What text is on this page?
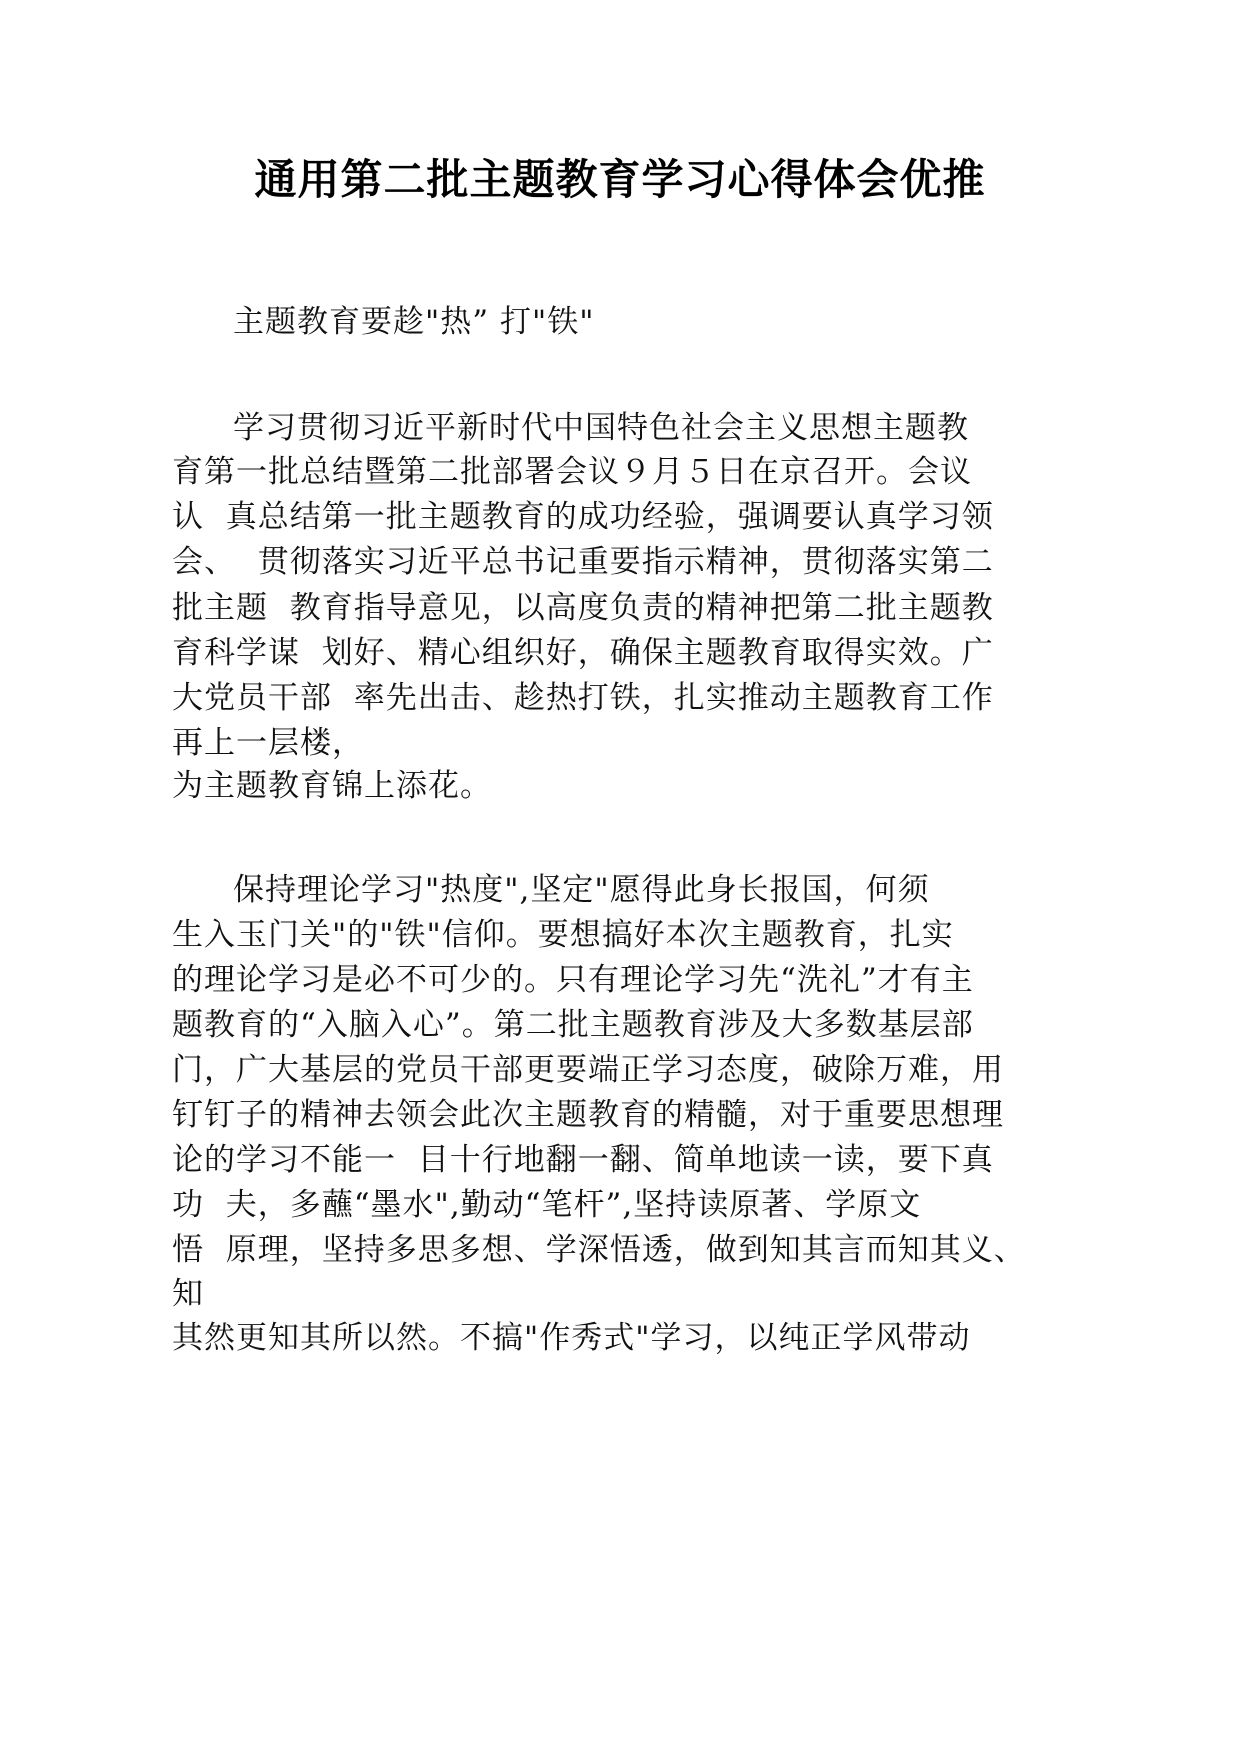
通用第二批主题教育学习心得体会优推
主题教育要趁"热” 打"铁"
学习贯彻习近平新时代中国特色社会主义思想主题教
育第一批总结暨第二批部署会议９月５日在京召开。会议
认  真总结第一批主题教育的成功经验，强调要认真学习领
会、  贯彻落实习近平总书记重要指示精神，贯彻落实第二
批主题  教育指导意见，以高度负责的精神把第二批主题教
育科学谋  划好、精心组织好，确保主题教育取得实效。广
大党员干部  率先出击、趁热打铁，扎实推动主题教育工作
再上一层楼，
为主题教育锦上添花。
保持理论学习"热度",坚定"愿得此身长报国，何须
生入玉门关"的"铁"信仰。要想搞好本次主题教育，扎实
的理论学习是必不可少的。只有理论学习先“洗礼”才有主
题教育的“入脑入心”。第二批主题教育涉及大多数基层部
门，广大基层的党员干部更要端正学习态度，破除万难，用
钉钉子的精神去领会此次主题教育的精髓，对于重要思想理
论的学习不能一  目十行地翻一翻、简单地读一读，要下真
功  夫，多蘸“墨水",勤动“笔杆”,坚持读原著、学原文
悟  原理，坚持多思多想、学深悟透，做到知其言而知其义、
知
其然更知其所以然。不搞"作秀式"学习，以纯正学风带动
